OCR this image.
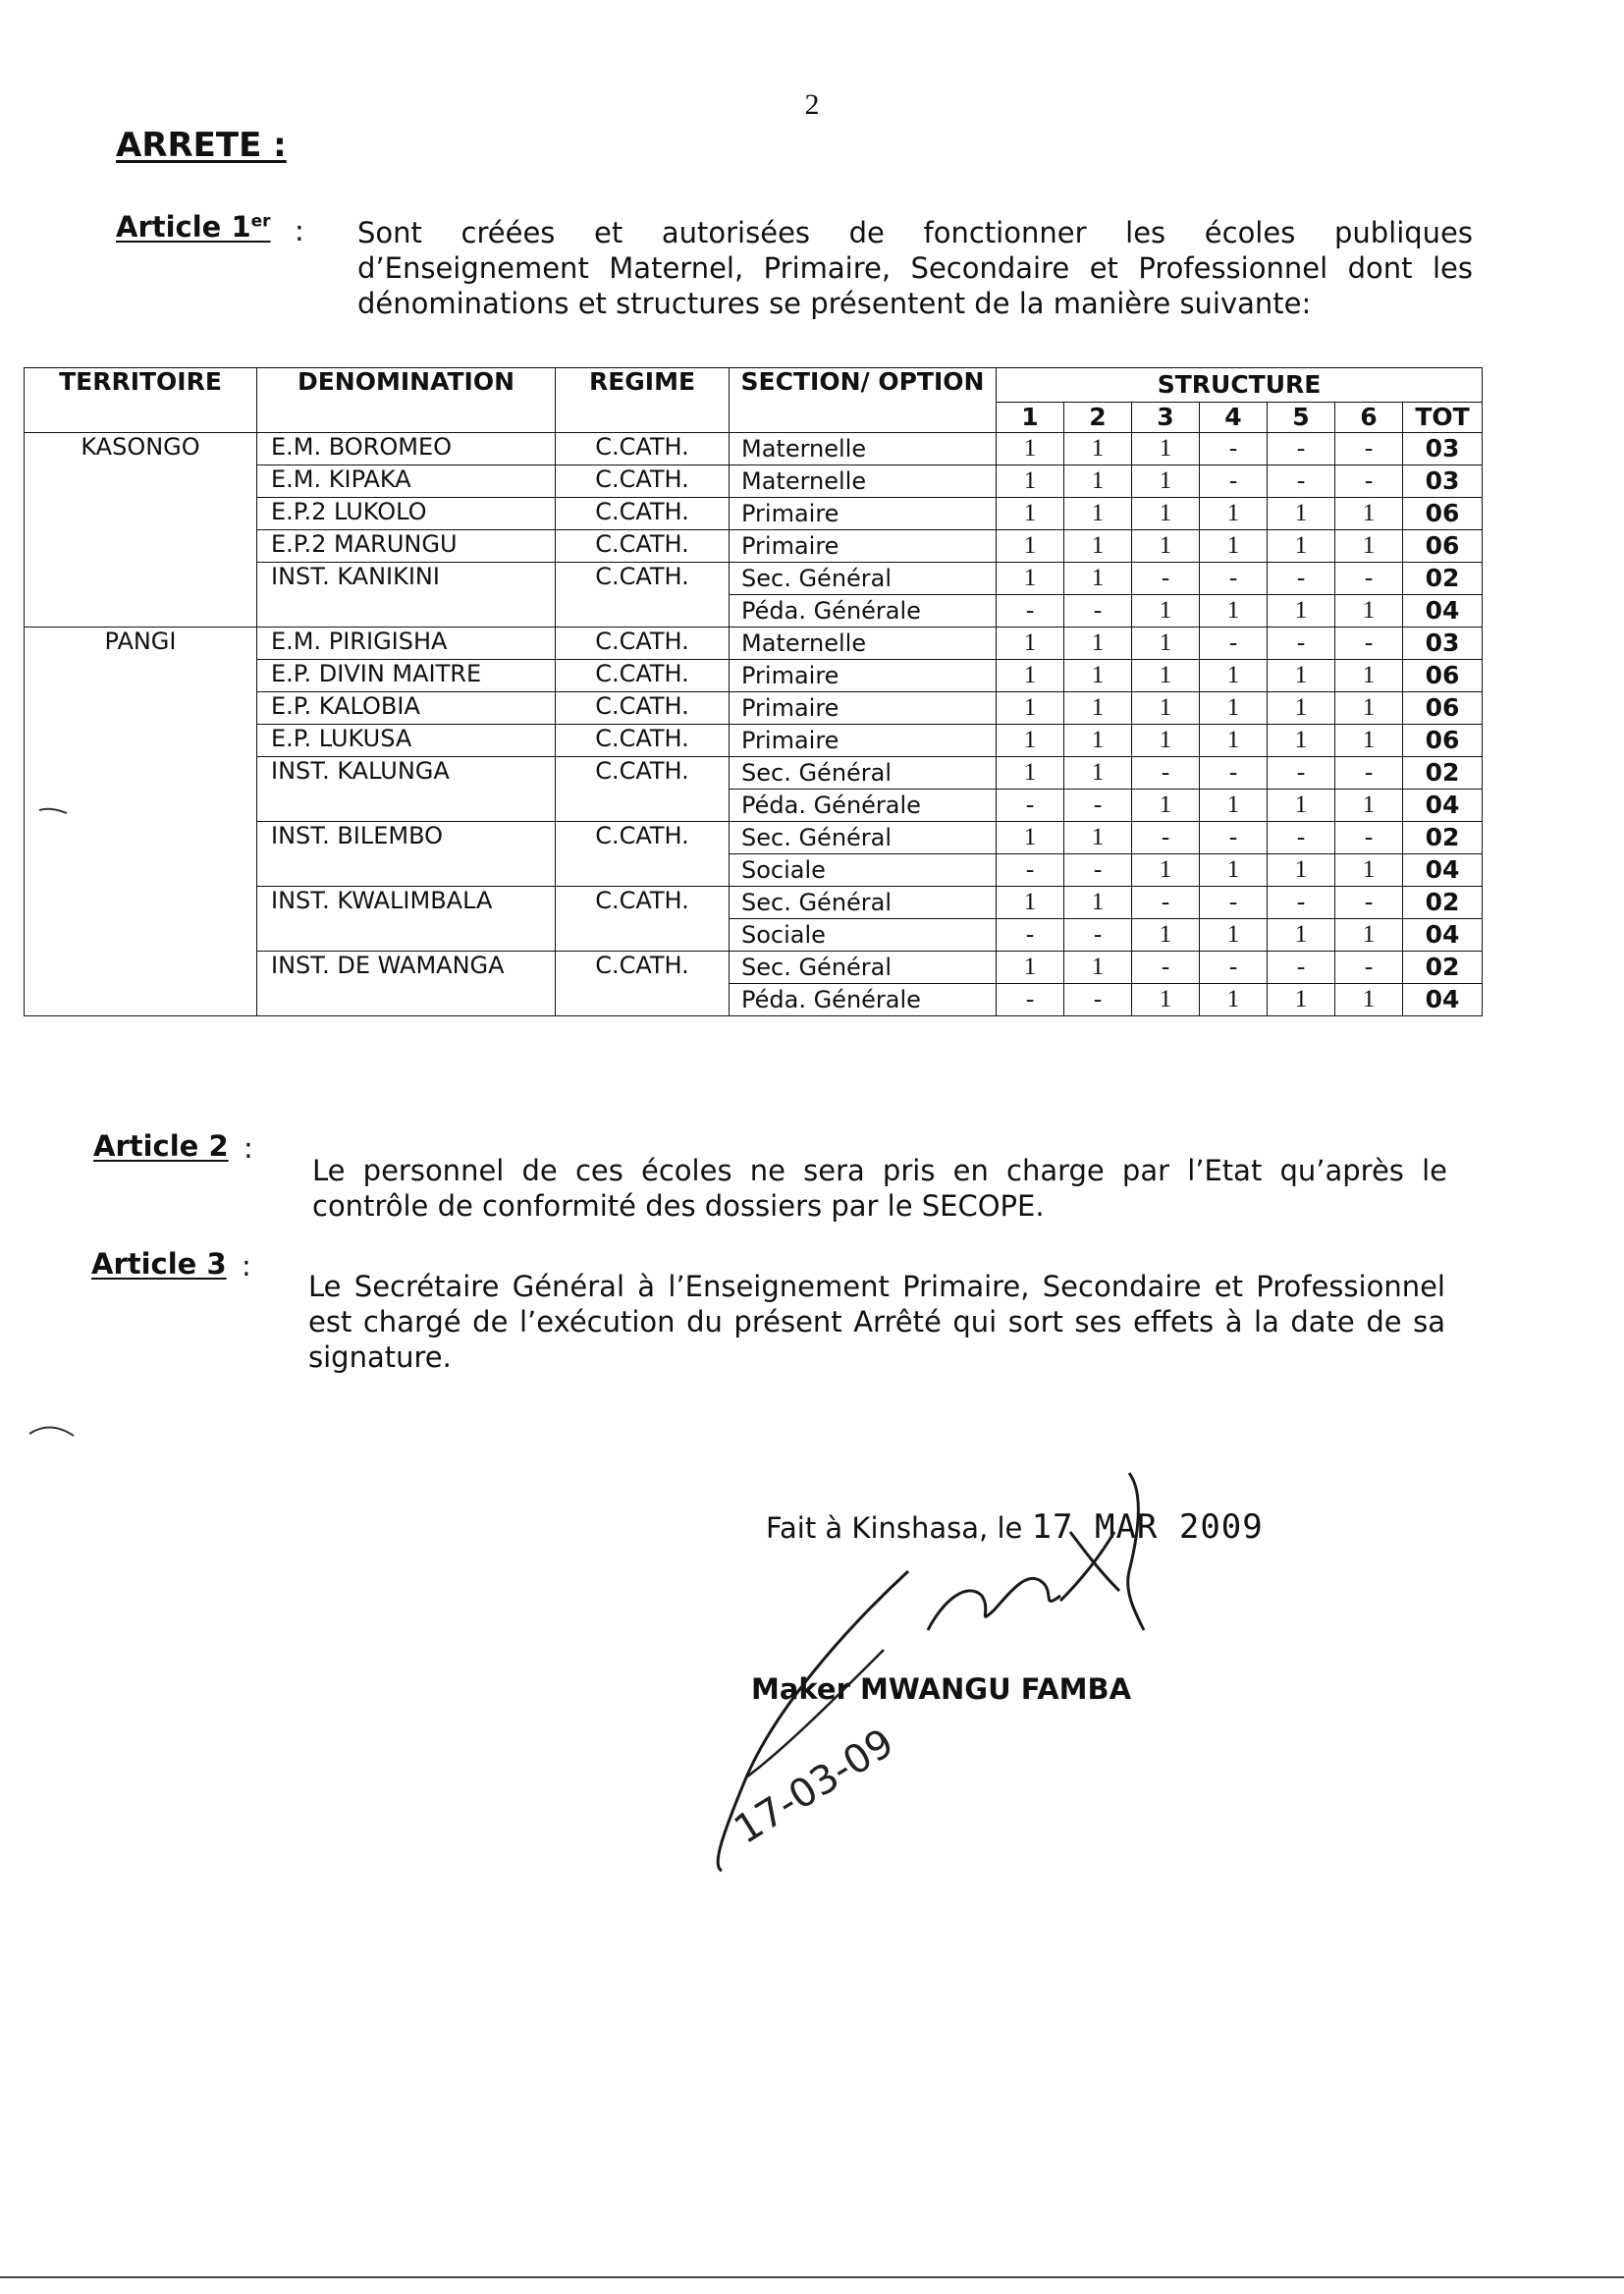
2
ARRETE :
Article 1er : Sont créées et autorisées de fonctionner les écoles publiques d’Enseignement Maternel, Primaire, Secondaire et Professionnel dont les dénominations et structures se présentent de la manière suivante:
TERRITOIRE	DENOMINATION	REGIME	SECTION/ OPTION	STRUCTURE						
				1	2	3	4	5	6	TOT
KASONGO	E.M. BOROMEO	C.CATH.	Maternelle	1	1	1	-	-	-	03
	E.M. KIPAKA	C.CATH.	Maternelle	1	1	1	-	-	-	03
	E.P.2 LUKOLO	C.CATH.	Primaire	1	1	1	1	1	1	06
	E.P.2 MARUNGU	C.CATH.	Primaire	1	1	1	1	1	1	06
	INST. KANIKINI	C.CATH.	Sec. Général	1	1	-	-	-	-	02
			Péda. Générale	-	-	1	1	1	1	04
PANGI	E.M. PIRIGISHA	C.CATH.	Maternelle	1	1	1	-	-	-	03
	E.P. DIVIN MAITRE	C.CATH.	Primaire	1	1	1	1	1	1	06
	E.P. KALOBIA	C.CATH.	Primaire	1	1	1	1	1	1	06
	E.P. LUKUSA	C.CATH.	Primaire	1	1	1	1	1	1	06
	INST. KALUNGA	C.CATH.	Sec. Général	1	1	-	-	-	-	02
			Péda. Générale	-	-	1	1	1	1	04
	INST. BILEMBO	C.CATH.	Sec. Général	1	1	-	-	-	-	02
			Sociale	-	-	1	1	1	1	04
	INST. KWALIMBALA	C.CATH.	Sec. Général	1	1	-	-	-	-	02
			Sociale	-	-	1	1	1	1	04
	INST. DE WAMANGA	C.CATH.	Sec. Général	1	1	-	-	-	-	02
			Péda. Générale	-	-	1	1	1	1	04
Article 2 :
Le personnel de ces écoles ne sera pris en charge par l’Etat qu’après le contrôle de conformité des dossiers par le SECOPE.
Article 3 :
Le Secrétaire Général à l’Enseignement Primaire, Secondaire et Professionnel est chargé de l’exécution du présent Arrêté qui sort ses effets à la date de sa signature.
Fait à Kinshasa, le 17 MAR 2009
Maker MWANGU FAMBA
17-03-09
